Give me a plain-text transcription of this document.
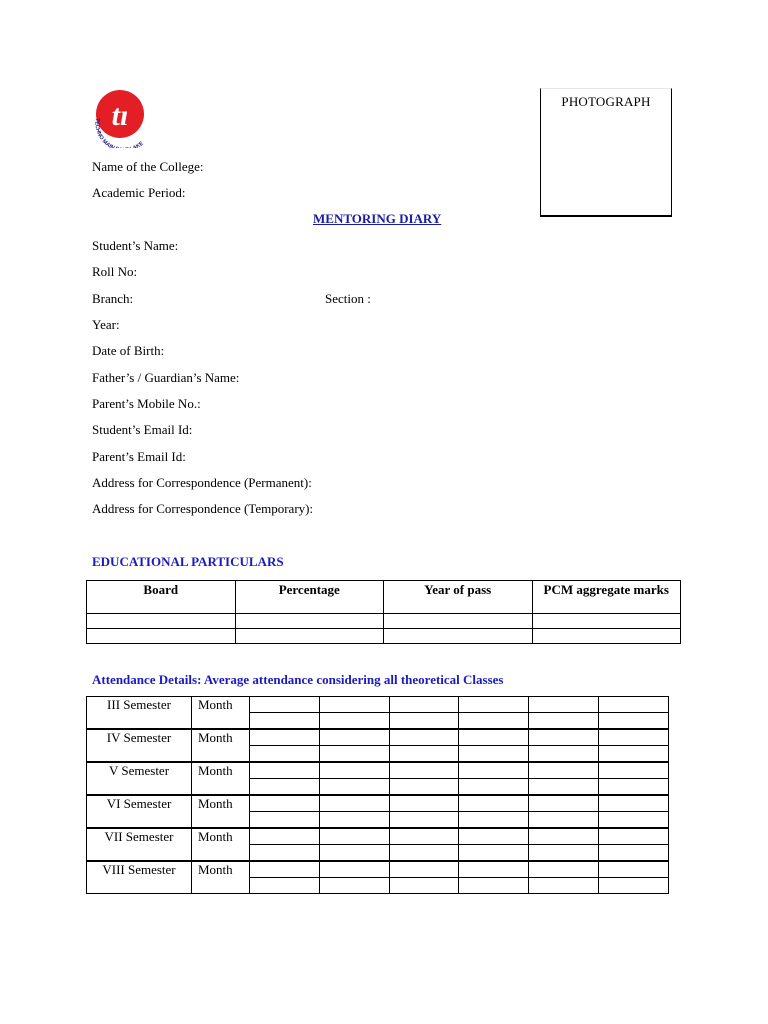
tı
TECHNO MAIN KE
PHOTOGRAPH
Name of the College:
Academic Period:
MENTORING DIARY
Student’s Name:
Roll No:
Branch:	Section :
Year:
Date of Birth:
Father’s / Guardian’s Name:
Parent’s Mobile No.:
Student’s Email Id:
Parent’s Email Id:
Address for Correspondence (Permanent):
Address for Correspondence (Temporary):
EDUCATIONAL PARTICULARS
Board	Percentage	Year of pass	PCM aggregate marks

Attendance Details: Average attendance considering all theoretical Classes
III Semester	Month						

IV Semester	Month						

V Semester	Month						

VI Semester	Month						

VII Semester	Month						

VIII Semester	Month						
